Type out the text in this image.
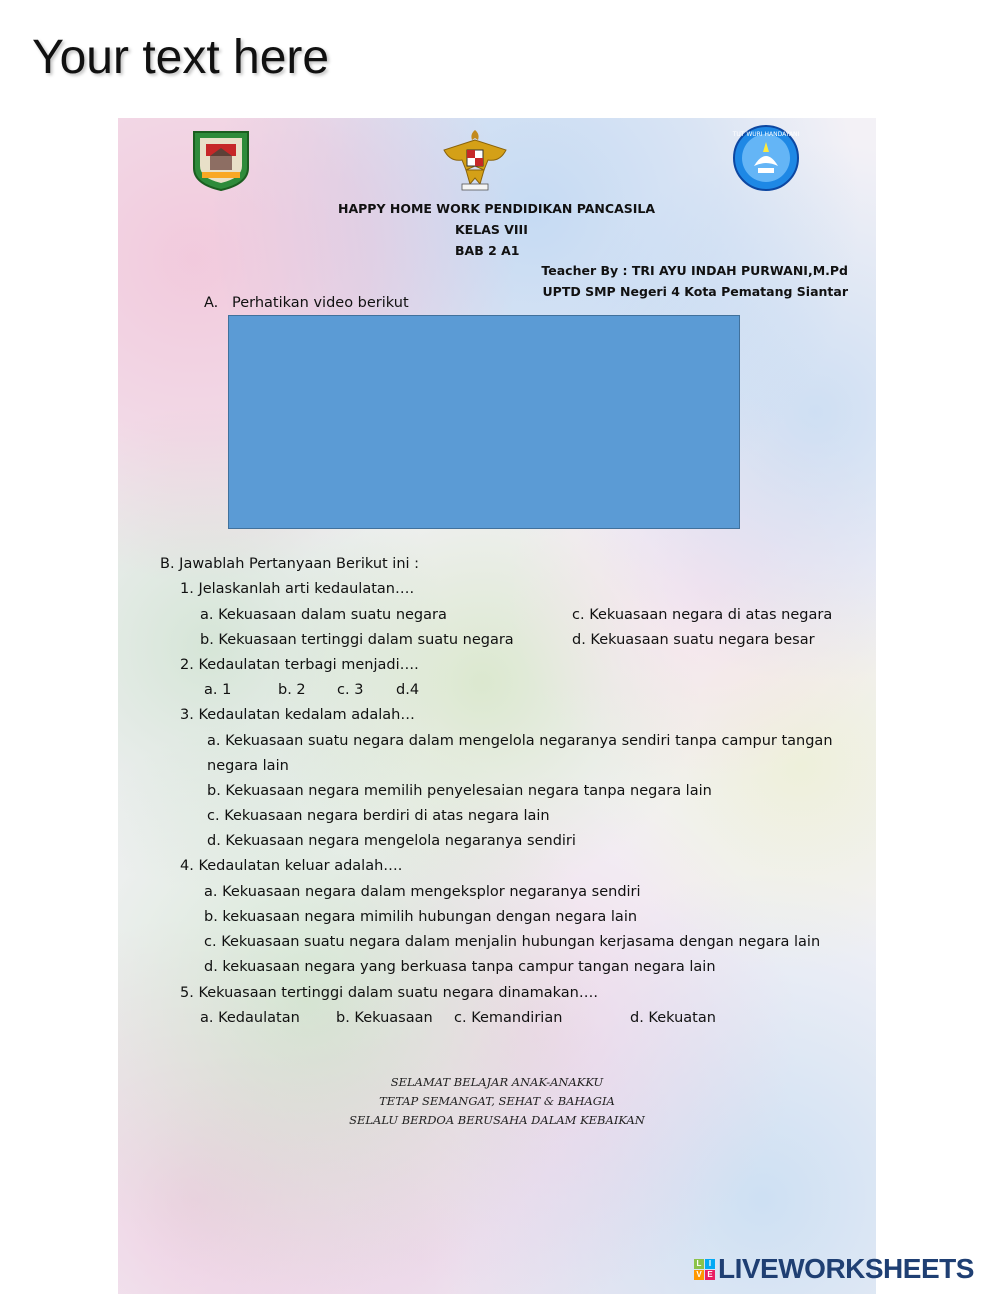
Your text here
TUT WURI HANDAYANI
HAPPY HOME WORK PENDIDIKAN PANCASILA
KELAS VIII
BAB 2 A1
Teacher By : TRI AYU INDAH PURWANI,M.Pd
UPTD SMP Negeri 4 Kota Pematang Siantar
A. Perhatikan video berikut
B. Jawablah Pertanyaan Berikut ini :
1. Jelaskanlah arti kedaulatan….
a. Kekuasaan dalam suatu negara	c. Kekuasaan negara di atas negara
b. Kekuasaan tertinggi dalam suatu negara	d. Kekuasaan suatu negara besar
2. Kedaulatan terbagi menjadi….
a. 1	b. 2 c. 3 d.4
3. Kedaulatan kedalam adalah…
a. Kekuasaan suatu negara dalam mengelola negaranya sendiri tanpa campur tangan
negara lain
b. Kekuasaan negara memilih penyelesaian negara tanpa negara lain
c. Kekuasaan negara berdiri di atas negara lain
d. Kekuasaan negara mengelola negaranya sendiri
4. Kedaulatan keluar adalah….
a. Kekuasaan negara dalam mengeksplor negaranya sendiri
b. kekuasaan negara mimilih hubungan dengan negara lain
c. Kekuasaan suatu negara dalam menjalin hubungan kerjasama dengan negara lain
d. kekuasaan negara yang berkuasa tanpa campur tangan negara lain
5. Kekuasaan tertinggi dalam suatu negara dinamakan….
a. Kedaulatan b. Kekuasaan c. Kemandirian	d. Kekuatan
SELAMAT BELAJAR ANAK-ANAKKU
TETAP SEMANGAT, SEHAT & BAHAGIA
SELALU BERDOA BERUSAHA DALAM KEBAIKAN
L I
V E LIVEWORKSHEETS
